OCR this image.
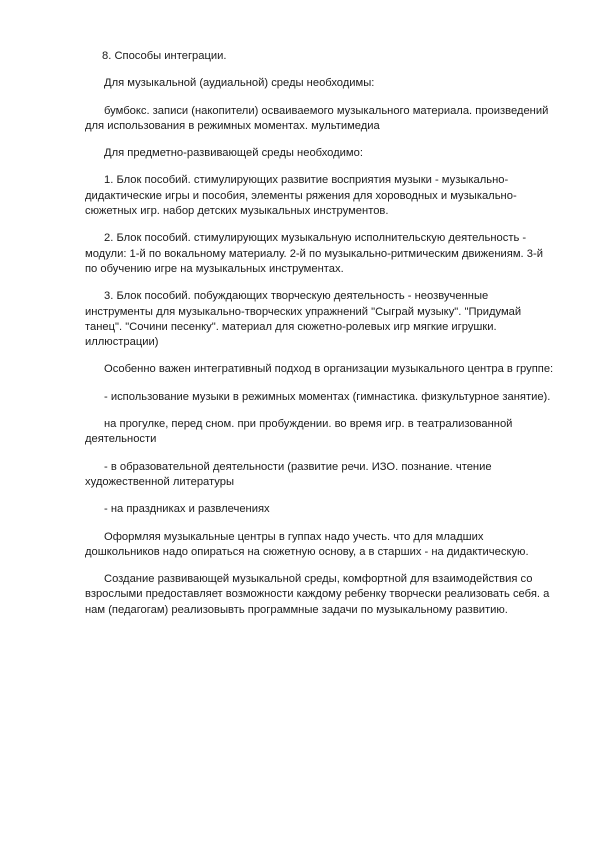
8. Способы интеграции.

Для музыкальной (аудиальной) среды необходимы:

бумбокс. записи (накопители) осваиваемого музыкального материала. произведений для использования в режимных моментах. мультимедиа

Для предметно-развивающей среды необходимо:

1. Блок пособий. стимулирующих развитие восприятия музыки - музыкально-дидактические игры и пособия, элементы ряжения для хороводных и музыкально-сюжетных игр. набор детских музыкальных инструментов.

2. Блок пособий. стимулирующих музыкальную исполнительскую деятельность - модули: 1-й по вокальному материалу. 2-й по музыкально-ритмическим движениям. 3-й по обучению игре на музыкальных инструментах.

3. Блок пособий. побуждающих творческую деятельность - неозвученные инструменты для музыкально-творческих упражнений "Сыграй музыку". "Придумай танец". "Сочини песенку". материал для сюжетно-ролевых игр мягкие игрушки. иллюстрации)

Особенно важен интегративный подход в организации музыкального центра в группе:

- использование музыки в режимных моментах (гимнастика. физкультурное занятие).

на прогулке, перед сном. при пробуждении. во время игр. в театрализованной деятельности

- в образовательной деятельности (развитие речи. ИЗО. познание. чтение художественной литературы

- на праздниках и развлечениях

Оформляя музыкальные центры в гуппах надо учесть. что для младших дошкольников надо опираться на сюжетную основу, а в старших - на дидактическую.

Создание развивающей музыкальной среды, комфортной для взаимодействия со взрослыми предоставляет возможности каждому ребенку творчески реализовать себя. а нам (педагогам) реализовывть программные задачи по музыкальному развитию.
